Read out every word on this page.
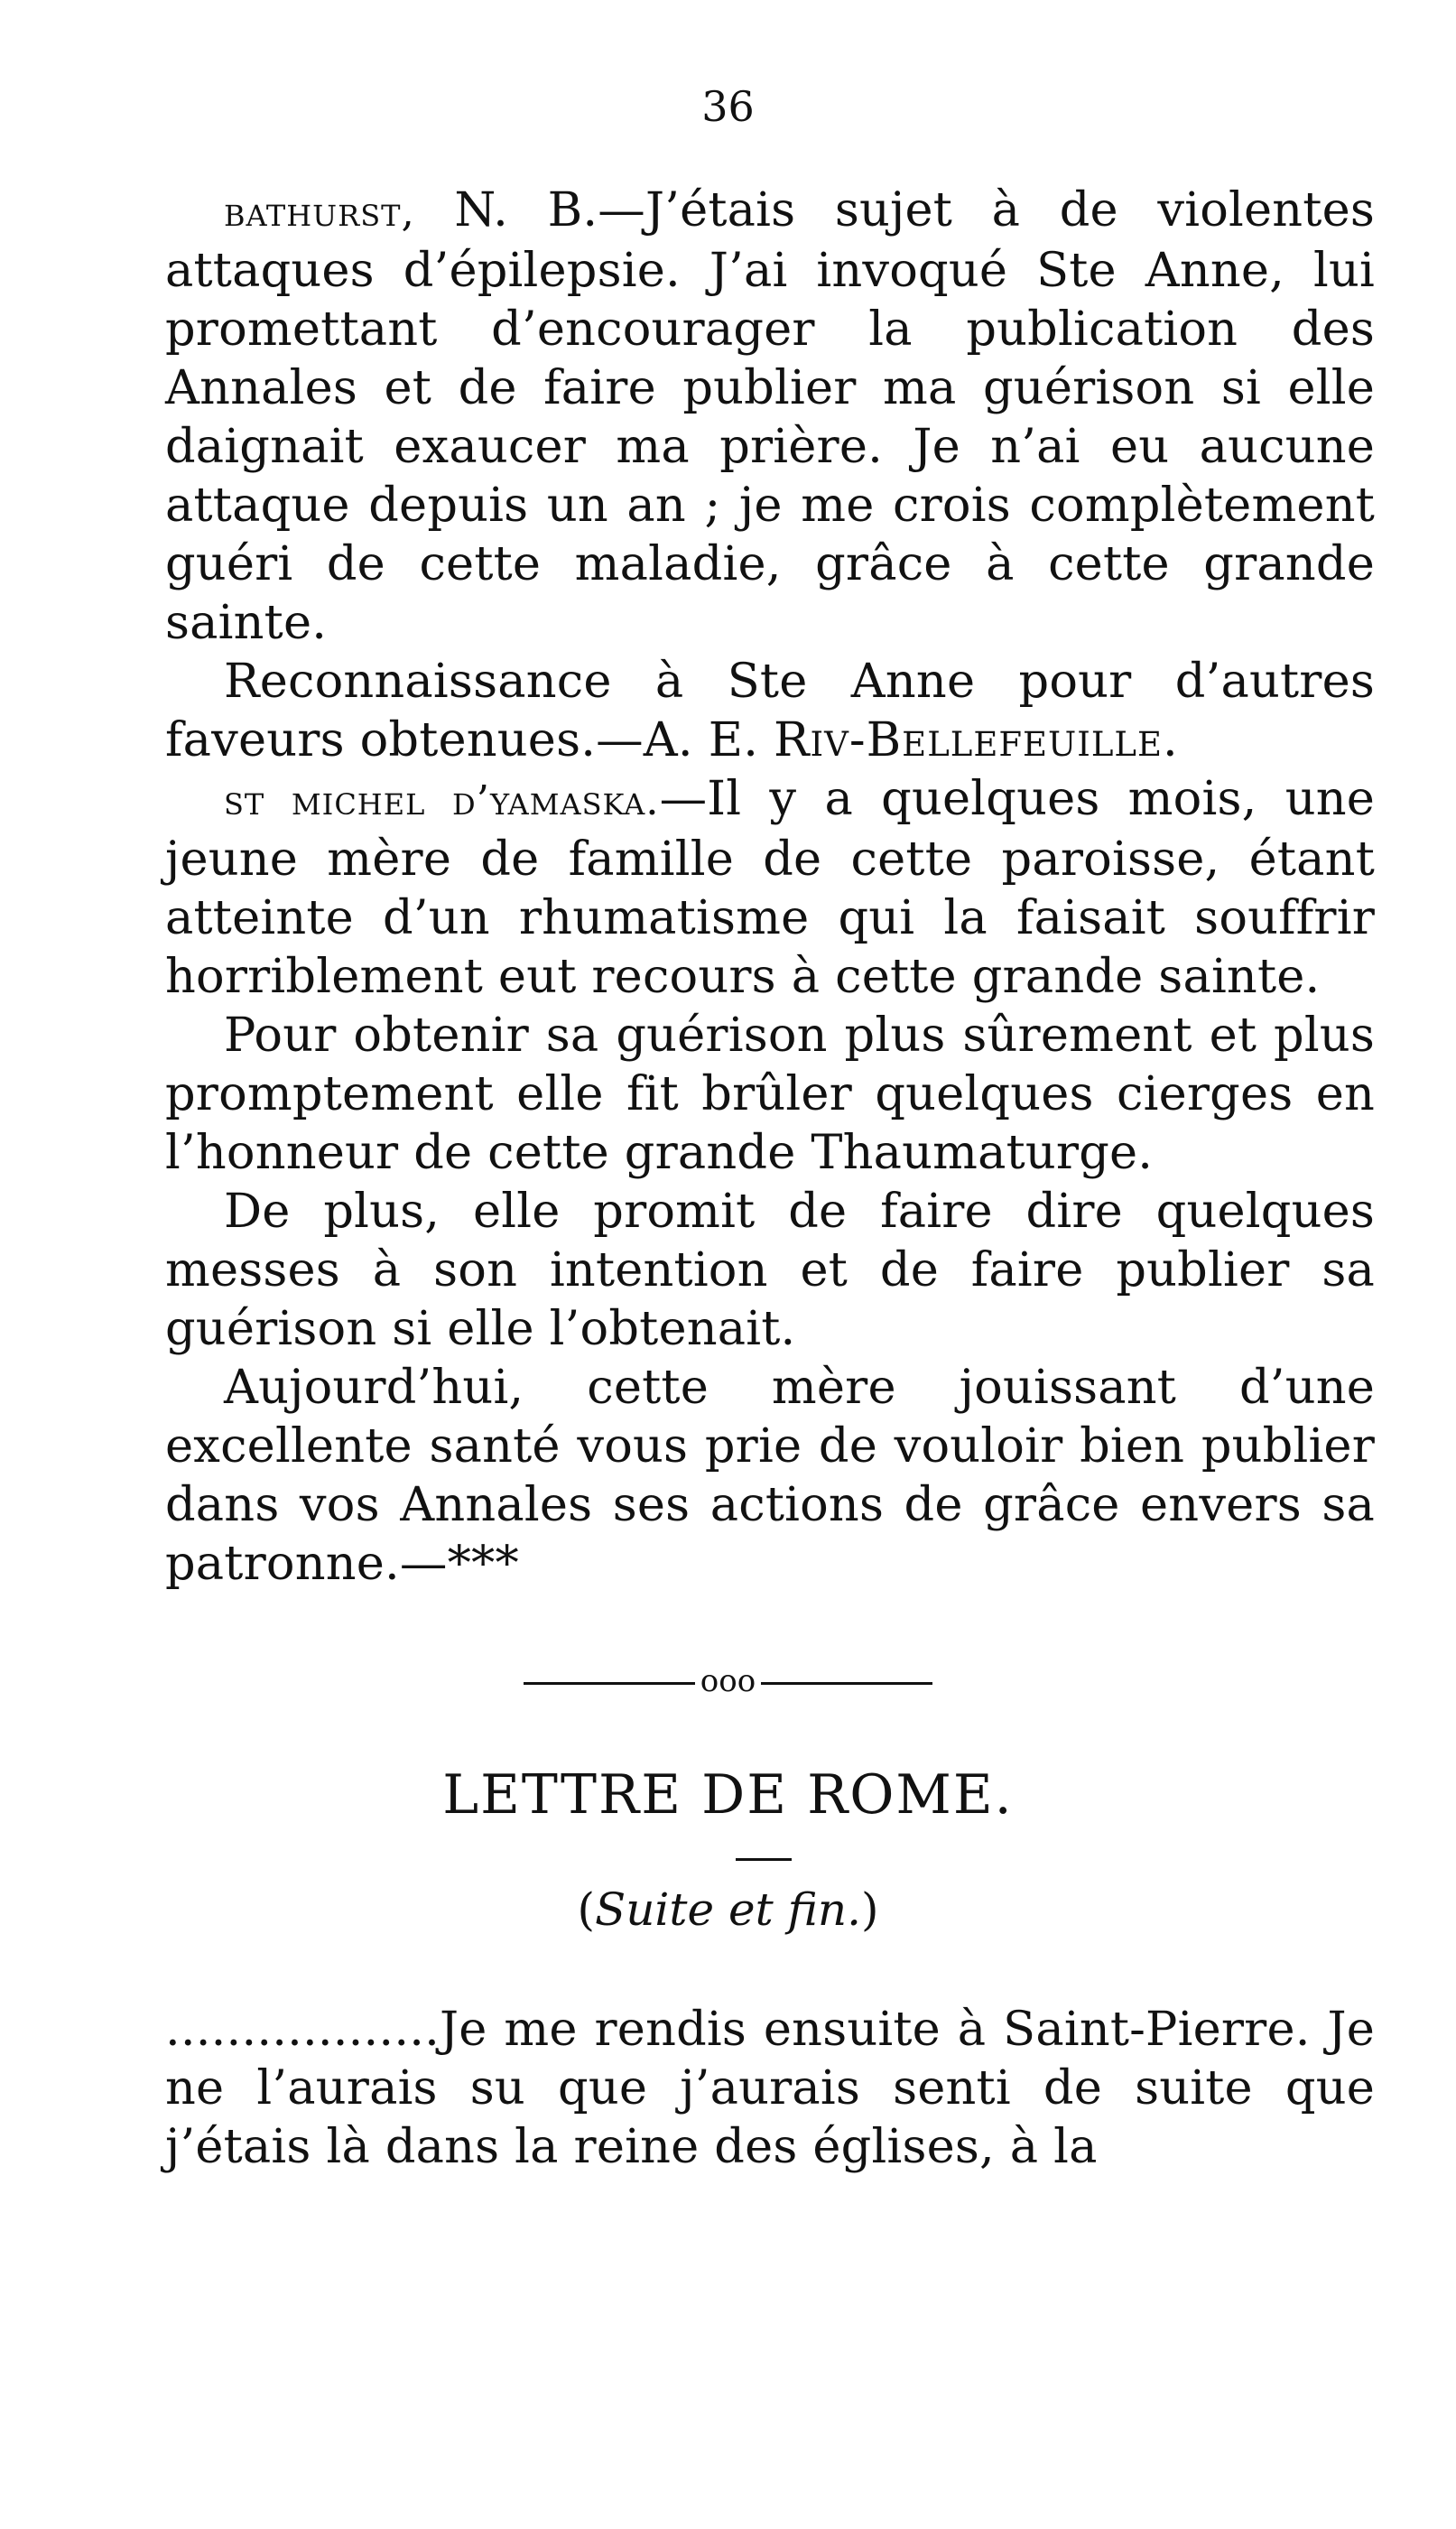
36

bathurst, N. B.—J’étais sujet à de violentes attaques d’épilepsie. J’ai invoqué Ste Anne, lui promettant d’encourager la publication des Annales et de faire publier ma guérison si elle daignait exaucer ma prière. Je n’ai eu aucune attaque depuis un an ; je me crois complètement guéri de cette maladie, grâce à cette grande sainte.

Reconnaissance à Ste Anne pour d’autres faveurs obtenues.—A. E. Riv-Bellefeuille.

st michel d’yamaska.—Il y a quelques mois, une jeune mère de famille de cette paroisse, étant atteinte d’un rhumatisme qui la faisait souffrir horriblement eut recours à cette grande sainte.

Pour obtenir sa guérison plus sûrement et plus promptement elle fit brûler quelques cierges en l’honneur de cette grande Thaumaturge.

De plus, elle promit de faire dire quelques messes à son intention et de faire publier sa guérison si elle l’obtenait.

Aujourd’hui, cette mère jouissant d’une excellente santé vous prie de vouloir bien publier dans vos Annales ses actions de grâce envers sa patronne.—***

ooo
LETTRE DE ROME.
(Suite et fin.)

..................Je me rendis ensuite à Saint-Pierre. Je ne l’aurais su que j’aurais senti de suite que j’étais là dans la reine des églises, à la
